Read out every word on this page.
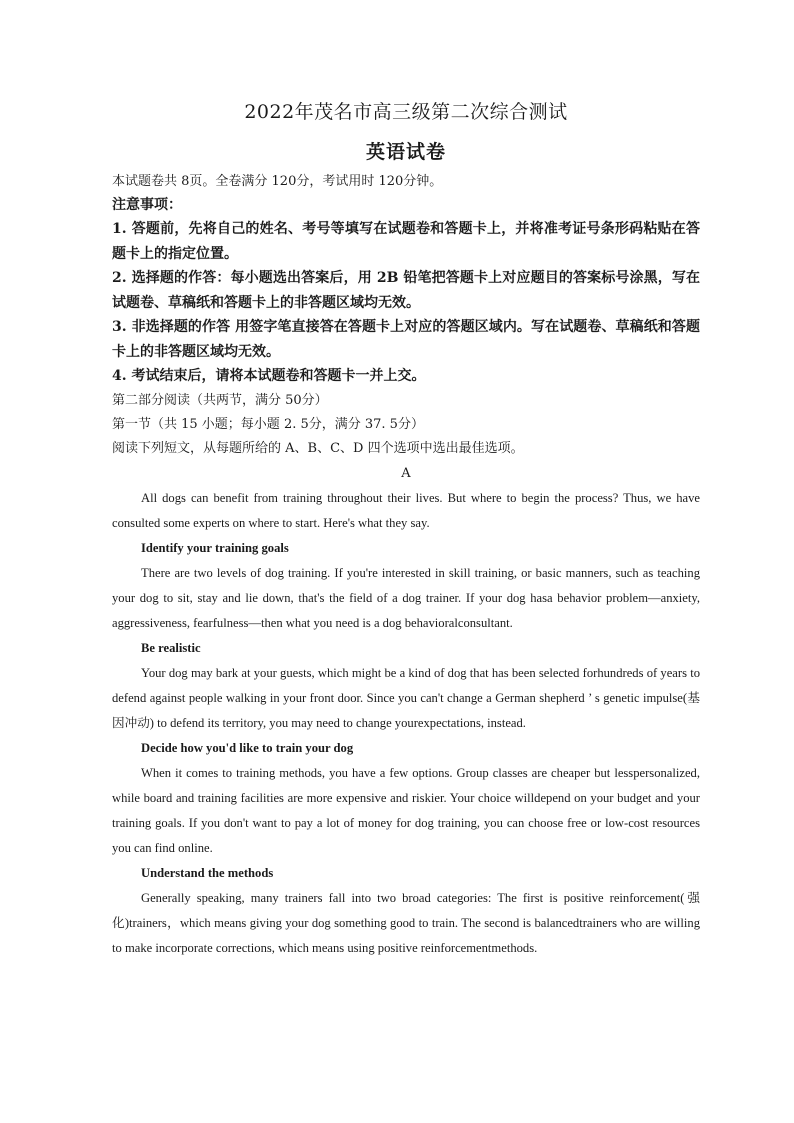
2022年茂名市高三级第二次综合测试

英语试卷

本试题卷共 8页。全卷满分 120分，考试用时 120分钟。

注意事项：

1. 答题前，先将自己的姓名、考号等填写在试题卷和答题卡上，并将准考证号条形码粘贴在答题卡上的指定位置。

2. 选择题的作答：每小题选出答案后，用 2B 铅笔把答题卡上对应题目的答案标号涂黑，写在试题卷、草稿纸和答题卡上的非答题区域均无效。

3. 非选择题的作答 用签字笔直接答在答题卡上对应的答题区域内。写在试题卷、草稿纸和答题卡上的非答题区域均无效。

4. 考试结束后，请将本试题卷和答题卡一并上交。

第二部分阅读（共两节，满分 50分）

第一节（共 15 小题；每小题 2. 5分，满分 37. 5分）

阅读下列短文，从每题所给的 A、B、C、D 四个选项中选出最佳选项。

A

All dogs can benefit from training throughout their lives. But where to begin the process? Thus, we have consulted some experts on where to start. Here's what they say.

Identify your training goals

There are two levels of dog training. If you're interested in skill training, or basic manners, such as teaching your dog to sit, stay and lie down, that's the field of a dog trainer. If your dog hasa behavior problem—anxiety, aggressiveness, fearfulness—then what you need is a dog behavioralconsultant.

Be realistic

Your dog may bark at your guests, which might be a kind of dog that has been selected forhundreds of years to defend against people walking in your front door. Since you can't change a German shepherd ’ s genetic impulse(基因冲动) to defend its territory, you may need to change yourexpectations, instead.

Decide how you'd like to train your dog

When it comes to training methods, you have a few options. Group classes are cheaper but lesspersonalized, while board and training facilities are more expensive and riskier. Your choice willdepend on your budget and your training goals. If you don't want to pay a lot of money for dog training, you can choose free or low-cost resources you can find online.

Understand the methods

Generally speaking, many trainers fall into two broad categories: The first is positive reinforcement(强化)trainers，which means giving your dog something good to train. The second is balancedtrainers who are willing to make incorporate corrections, which means using positive reinforcementmethods.
